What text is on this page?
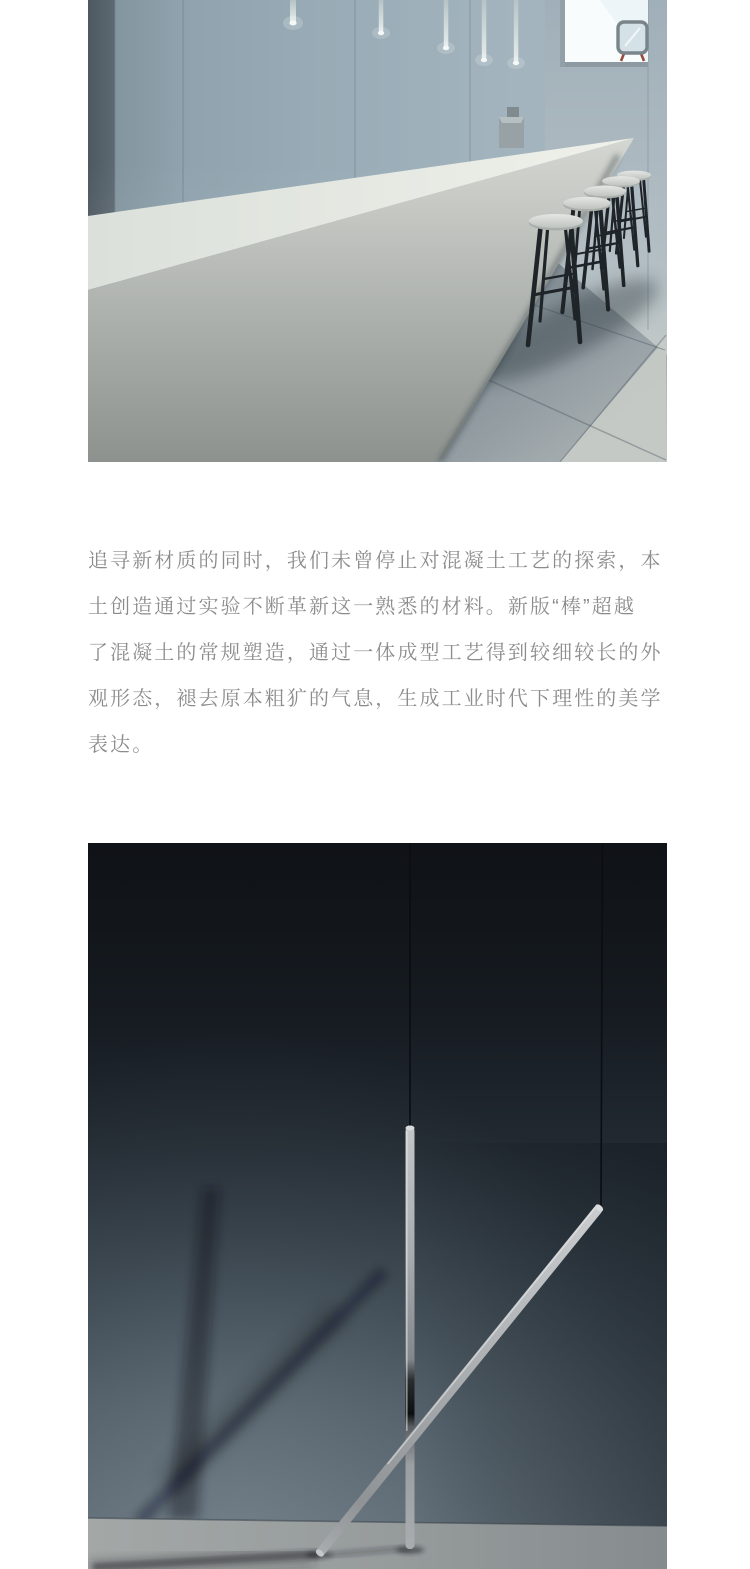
追寻新材质的同时，我们未曾停止对混凝土工艺的探索，本
土创造通过实验不断革新这一熟悉的材料。新版“棒”超越
了混凝土的常规塑造，通过一体成型工艺得到较细较长的外
观形态，褪去原本粗犷的气息，生成工业时代下理性的美学
表达。
